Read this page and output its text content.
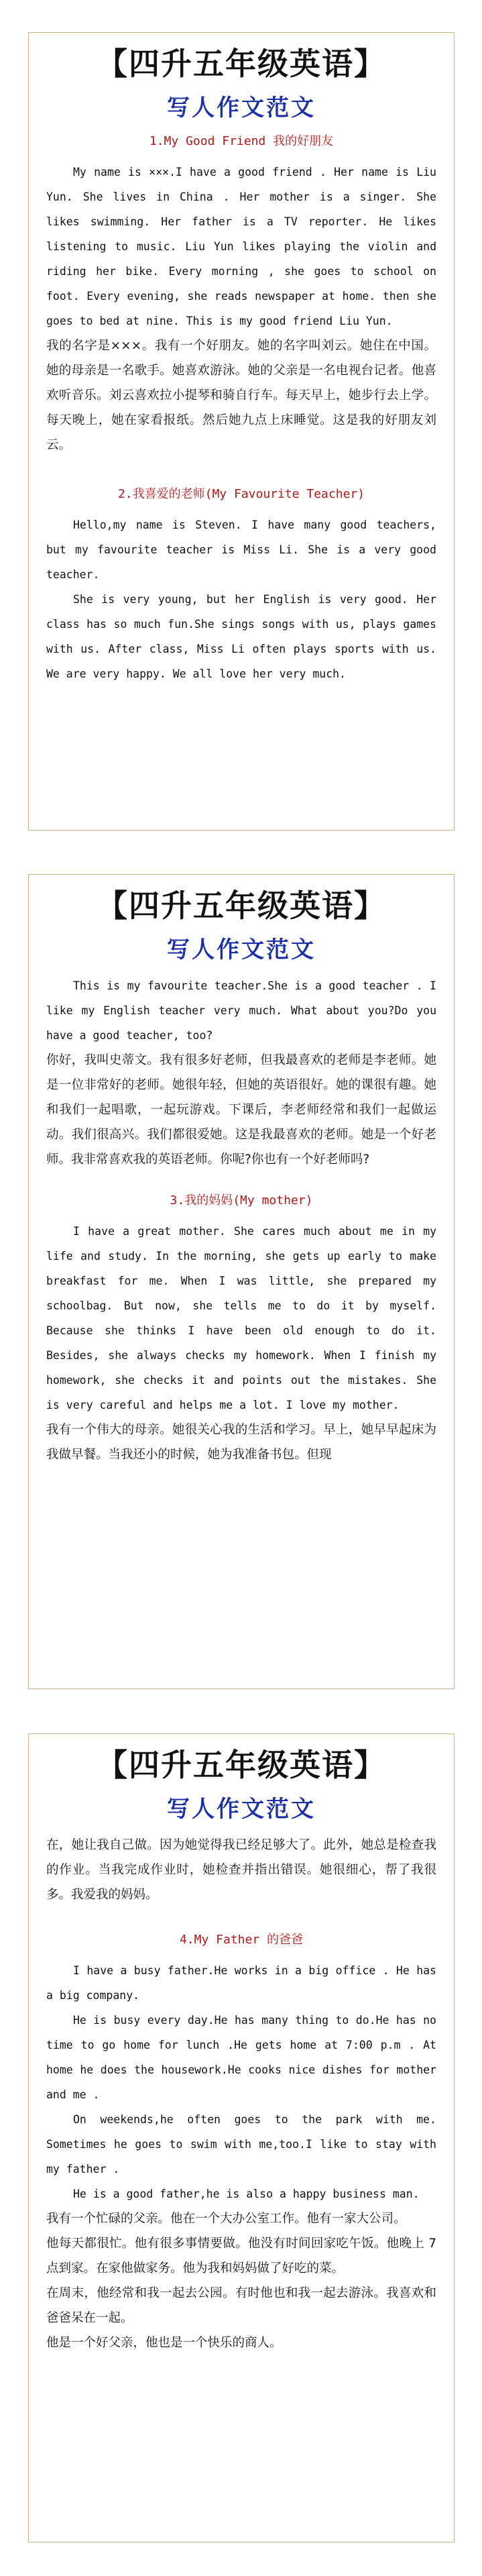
【四升五年级英语】
写人作文范文
1.My Good Friend 我的好朋友

My name is ×××.I have a good friend . Her name is Liu Yun. She lives in China . Her mother is a singer. She likes swimming. Her father is a TV reporter. He likes listening to music. Liu Yun likes playing the violin and riding her bike. Every morning , she goes to school on foot. Every evening, she reads newspaper at home. then she goes to bed at nine. This is my good friend Liu Yun.

我的名字是×××。我有一个好朋友。她的名字叫刘云。她住在中国。她的母亲是一名歌手。她喜欢游泳。她的父亲是一名电视台记者。他喜欢听音乐。刘云喜欢拉小提琴和骑自行车。每天早上，她步行去上学。每天晚上，她在家看报纸。然后她九点上床睡觉。这是我的好朋友刘云。

2.我喜爱的老师(My Favourite Teacher)

Hello,my name is Steven. I have many good teachers, but my favourite teacher is Miss Li. She is a very good teacher.

She is very young, but her English is very good. Her class has so much fun.She sings songs with us, plays games with us. After class, Miss Li often plays sports with us. We are very happy. We all love her very much.

【四升五年级英语】
写人作文范文

This is my favourite teacher.She is a good teacher . I like my English teacher very much. What about you?Do you have a good teacher, too?

你好，我叫史蒂文。我有很多好老师，但我最喜欢的老师是李老师。她是一位非常好的老师。她很年轻，但她的英语很好。她的课很有趣。她和我们一起唱歌，一起玩游戏。下课后，李老师经常和我们一起做运动。我们很高兴。我们都很爱她。这是我最喜欢的老师。她是一个好老师。我非常喜欢我的英语老师。你呢?你也有一个好老师吗?

3.我的妈妈(My mother)

I have a great mother. She cares much about me in my life and study. In the morning, she gets up early to make breakfast for me. When I was little, she prepared my schoolbag. But now, she tells me to do it by myself. Because she thinks I have been old enough to do it. Besides, she always checks my homework. When I finish my homework, she checks it and points out the mistakes. She is very careful and helps me a lot. I love my mother.

我有一个伟大的母亲。她很关心我的生活和学习。早上，她早早起床为我做早餐。当我还小的时候，她为我准备书包。但现

【四升五年级英语】
写人作文范文

在，她让我自己做。因为她觉得我已经足够大了。此外，她总是检查我的作业。当我完成作业时，她检查并指出错误。她很细心，帮了我很多。我爱我的妈妈。

4.My Father 的爸爸

I have a busy father.He works in a big office . He has a big company.

He is busy every day.He has many thing to do.He has no time to go home for lunch .He gets home at 7:00 p.m . At home he does the housework.He cooks nice dishes for mother and me .

On weekends,he often goes to the park with me. Sometimes he goes to swim with me,too.I like to stay with my father .

He is a good father,he is also a happy business man.

我有一个忙碌的父亲。他在一个大办公室工作。他有一家大公司。

他每天都很忙。他有很多事情要做。他没有时间回家吃午饭。他晚上 7 点到家。在家他做家务。他为我和妈妈做了好吃的菜。

在周末，他经常和我一起去公园。有时他也和我一起去游泳。我喜欢和爸爸呆在一起。

他是一个好父亲，他也是一个快乐的商人。
